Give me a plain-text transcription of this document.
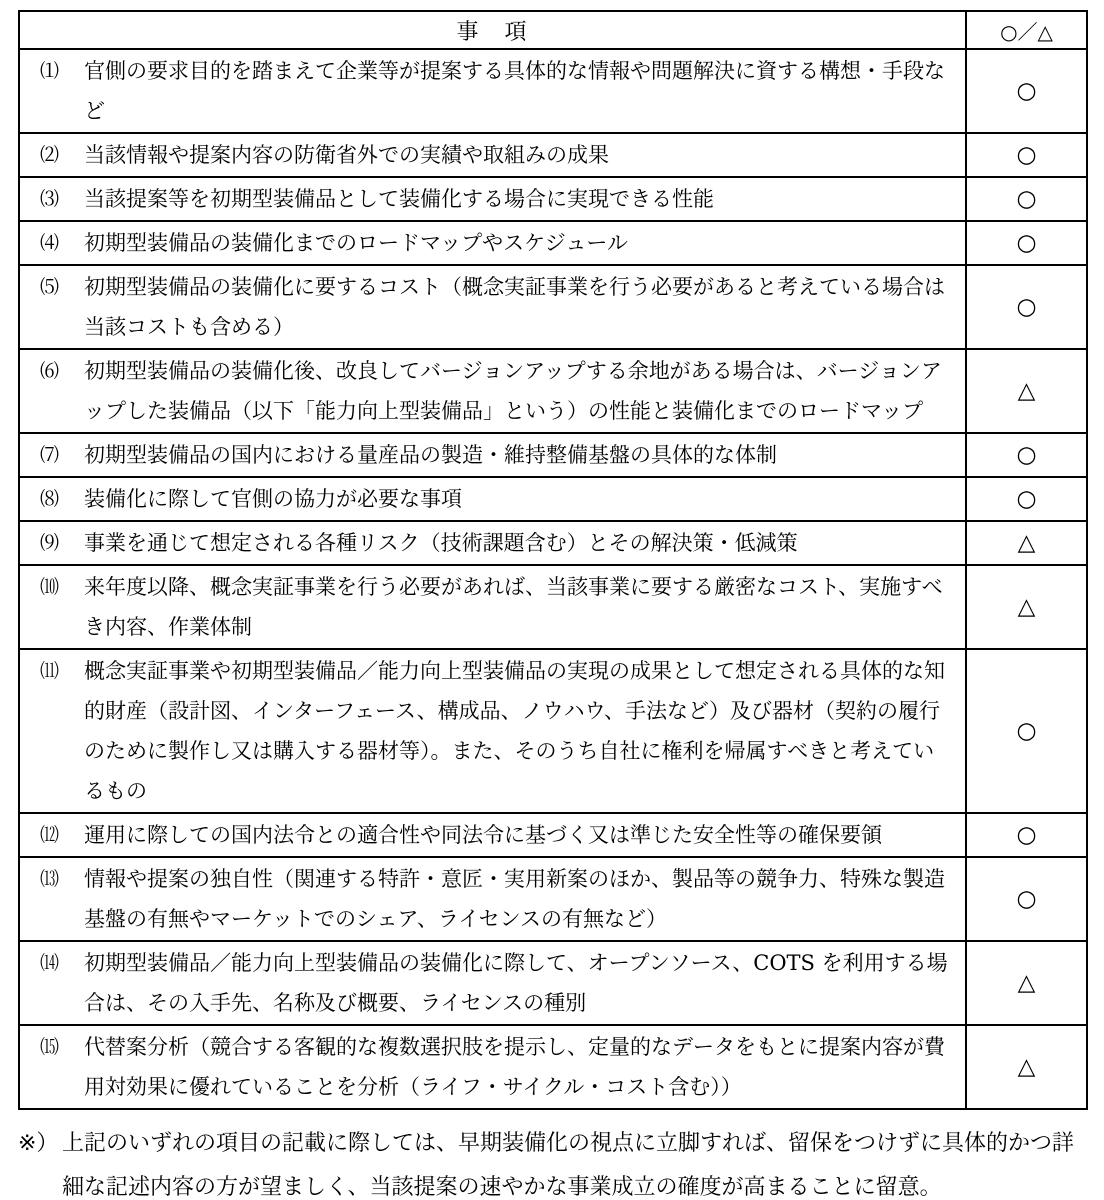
事　項	○／△

⑴ 官側の要求目的を踏まえて企業等が提案する具体的な情報や問題解決に資する構想・手段など	○

⑵ 当該情報や提案内容の防衛省外での実績や取組みの成果	○

⑶ 当該提案等を初期型装備品として装備化する場合に実現できる性能	○

⑷ 初期型装備品の装備化までのロードマップやスケジュール	○

⑸ 初期型装備品の装備化に要するコスト（概念実証事業を行う必要があると考えている場合は当該コストも含める）	○

⑹ 初期型装備品の装備化後、改良してバージョンアップする余地がある場合は、バージョンアップした装備品（以下「能力向上型装備品」という）の性能と装備化までのロードマップ	△

⑺ 初期型装備品の国内における量産品の製造・維持整備基盤の具体的な体制	○

⑻ 装備化に際して官側の協力が必要な事項	○

⑼ 事業を通じて想定される各種リスク（技術課題含む）とその解決策・低減策	△

⑽ 来年度以降、概念実証事業を行う必要があれば、当該事業に要する厳密なコスト、実施すべき内容、作業体制	△

⑾ 概念実証事業や初期型装備品／能力向上型装備品の実現の成果として想定される具体的な知的財産（設計図、インターフェース、構成品、ノウハウ、手法など）及び器材（契約の履行のために製作し又は購入する器材等）。また、そのうち自社に権利を帰属すべきと考えているもの	○

⑿ 運用に際しての国内法令との適合性や同法令に基づく又は準じた安全性等の確保要領	○

⒀ 情報や提案の独自性（関連する特許・意匠・実用新案のほか、製品等の競争力、特殊な製造基盤の有無やマーケットでのシェア、ライセンスの有無など）	○

⒁ 初期型装備品／能力向上型装備品の装備化に際して、オープンソース、COTS を利用する場合は、その入手先、名称及び概要、ライセンスの種別	△

⒂ 代替案分析（競合する客観的な複数選択肢を提示し、定量的なデータをもとに提案内容が費用対効果に優れていることを分析（ライフ・サイクル・コスト含む））	△
※） 上記のいずれの項目の記載に際しては、早期装備化の視点に立脚すれば、留保をつけずに具体的かつ詳細な記述内容の方が望ましく、当該提案の速やかな事業成立の確度が高まることに留意。
